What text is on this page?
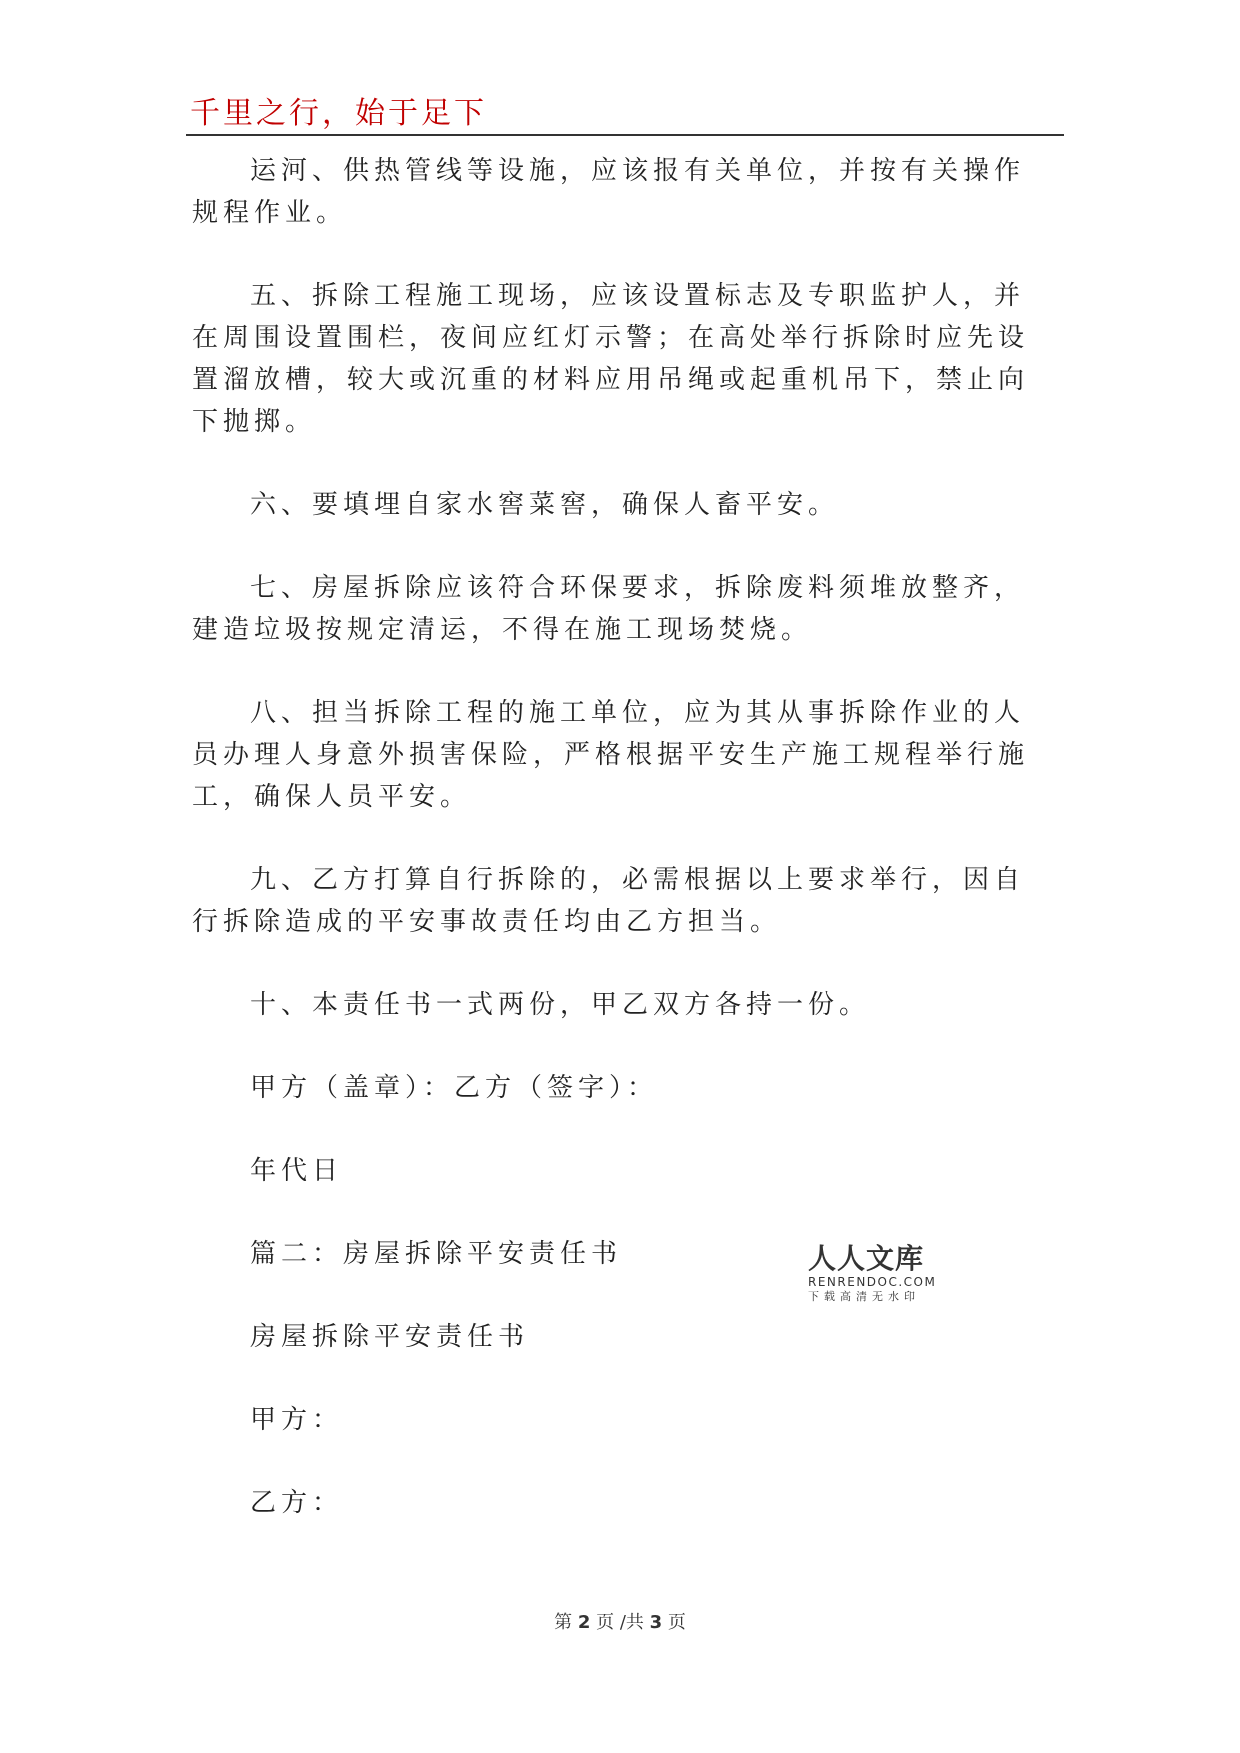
千里之行，始于足下

运河、供热管线等设施，应该报有关单位，并按有关操作规程作业。

五、拆除工程施工现场，应该设置标志及专职监护人，并在周围设置围栏，夜间应红灯示警；在高处举行拆除时应先设置溜放槽，较大或沉重的材料应用吊绳或起重机吊下，禁止向下抛掷。

六、要填埋自家水窖菜窖，确保人畜平安。

七、房屋拆除应该符合环保要求，拆除废料须堆放整齐，建造垃圾按规定清运，不得在施工现场焚烧。

八、担当拆除工程的施工单位，应为其从事拆除作业的人员办理人身意外损害保险，严格根据平安生产施工规程举行施工，确保人员平安。

九、乙方打算自行拆除的，必需根据以上要求举行，因自行拆除造成的平安事故责任均由乙方担当。

十、本责任书一式两份，甲乙双方各持一份。

甲方（盖章）：乙方（签字）：

年代日

篇二：房屋拆除平安责任书

房屋拆除平安责任书

甲方：

乙方：

人人文库
RENRENDOC.COM
下载高清无水印
第 2 页 /共 3 页
